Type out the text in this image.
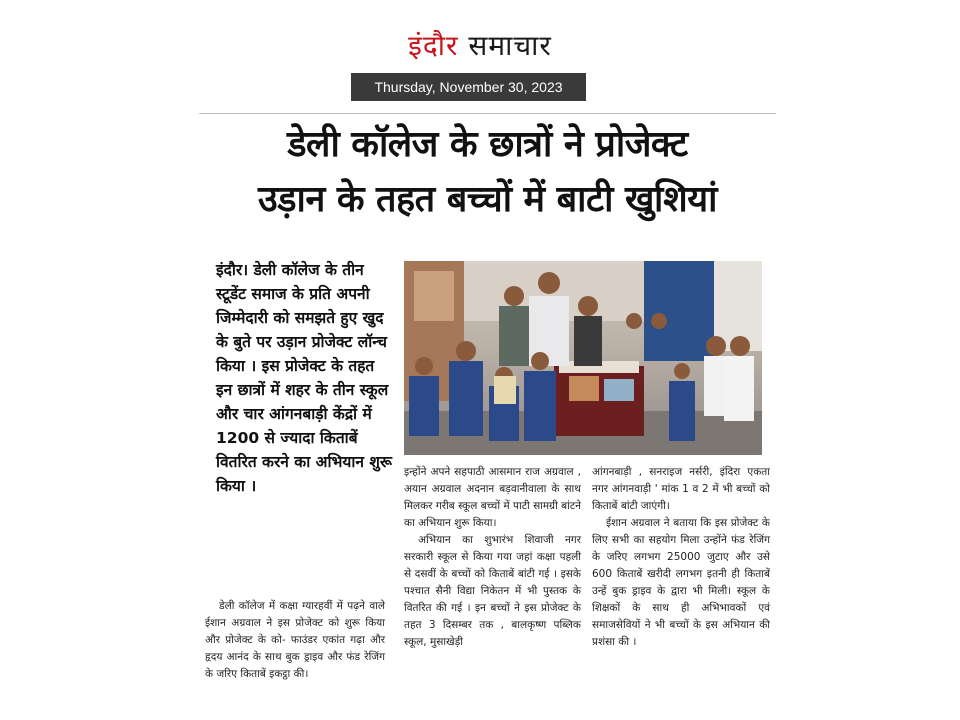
इंदौर समाचार
Thursday, November 30, 2023
डेली कॉलेज के छात्रों ने प्रोजेक्ट
उड़ान के तहत बच्चों में बाटी खुशियां
इंदौर। डेली कॉलेज के तीन स्टूडेंट समाज के प्रति अपनी जिम्मेदारी को समझते हुए खुद के बुते पर उड़ान प्रोजेक्ट लॉन्च किया । इस प्रोजेक्ट के तहत इन छात्रों में शहर के तीन स्कूल और चार आंगनबाड़ी केंद्रों में 1200 से ज्यादा किताबें वितरित करने का अभियान शुरू किया ।

डेली कॉलेज में कक्षा ग्यारहवीं में पढ़ने वाले ईशान अग्रवाल ने इस प्रोजेक्ट को शुरू किया और प्रोजेक्ट के को- फाउंडर एकांत गढ़ा और हृदय आनंद के साथ बुक ड्राइव और फंड रेजिंग के जरिए किताबें इकट्ठा की।

इन्होंने अपने सहपाठी आसमान राज अग्रवाल , अयान अग्रवाल अदनान बड़वानीवाला के साथ मिलकर गरीब स्कूल बच्चों में पाटी सामग्री बांटने का अभियान शुरू किया।

अभियान का शुभारंभ शिवाजी नगर सरकारी स्कूल से किया गया जहां कक्षा पहली से दसवीं के बच्चों को किताबें बांटी गई । इसके पश्चात सैनी विद्या निकेतन में भी पुस्तक के वितरित की गई । इन बच्चों ने इस प्रोजेक्ट के तहत 3 दिसम्बर तक , बालकृष्ण पब्लिक स्कूल, मुसाखेड़ी

आंगनबाड़ी , सनराइज नर्सरी, इंदिरा एकता नगर आंगनवाड़ी ' मांक 1 व 2 में भी बच्चों को किताबें बांटी जाएंगी।

ईशान अग्रवाल ने बताया कि इस प्रोजेक्ट के लिए सभी का सहयोग मिला उन्होंने फंड रेजिंग के जरिए लगभग 25000 जुटाए और उसे 600 किताबें खरीदी लगभग इतनी ही किताबें उन्हें बुक ड्राइव के द्वारा भी मिली। स्कूल के शिक्षकों के साथ ही अभिभावकों एवं समाजसेवियों ने भी बच्चों के इस अभियान की प्रशंसा की ।
